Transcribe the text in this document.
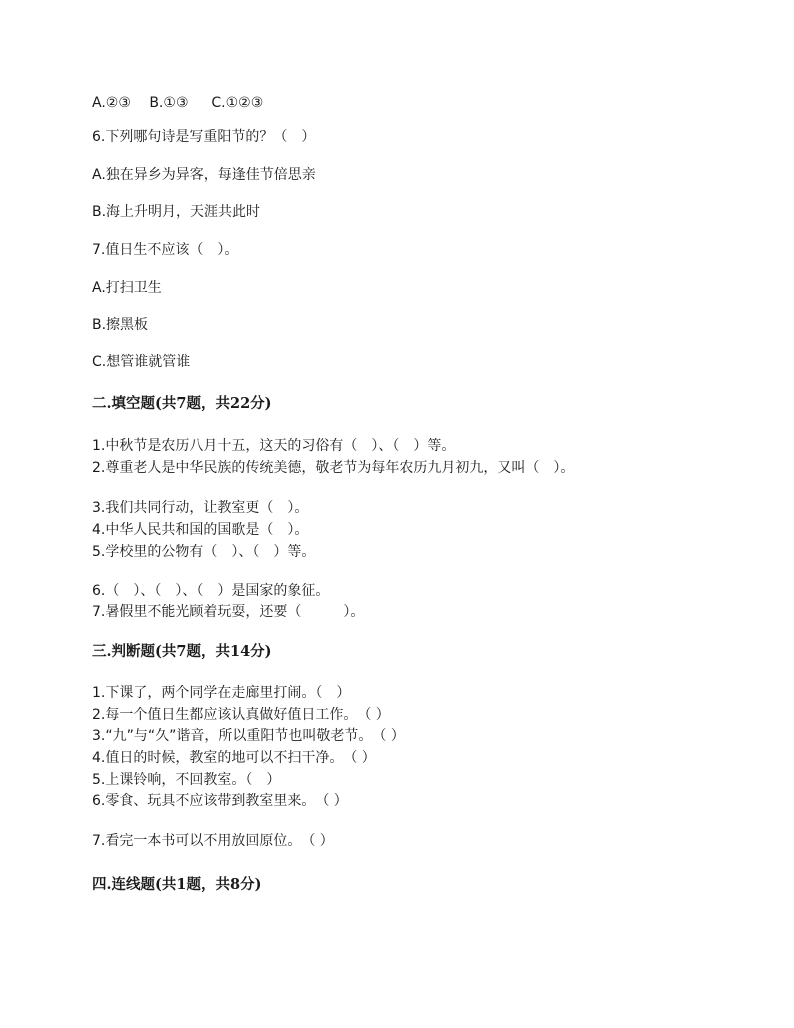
A.②③　 B.①③ 　 C.①②③
6.下列哪句诗是写重阳节的？（　）
A.独在异乡为异客，每逢佳节倍思亲
B.海上升明月，天涯共此时
7.值日生不应该（　）。
A.打扫卫生
B.擦黑板
C.想管谁就管谁
二.填空题(共7题，共22分)
1.中秋节是农历八月十五，这天的习俗有（　）、（　）等。
2.尊重老人是中华民族的传统美德，敬老节为每年农历九月初九，又叫（　）。
3.我们共同行动，让教室更（　）。
4.中华人民共和国的国歌是（　）。
5.学校里的公物有（　）、（　）等。
6.（　）、（　）、（　）是国家的象征。
7.暑假里不能光顾着玩耍，还要（　　　）。
三.判断题(共7题，共14分)
1.下课了，两个同学在走廊里打闹。（　）
2.每一个值日生都应该认真做好值日工作。　（ ）
3.“九”与“久”谐音，所以重阳节也叫敬老节。　（ ）
4.值日的时候，教室的地可以不扫干净。　（ ）
5.上课铃响，不回教室。（　）
6.零食、玩具不应该带到教室里来。　（ ）
7.看完一本书可以不用放回原位。　（ ）
四.连线题(共1题，共8分)
